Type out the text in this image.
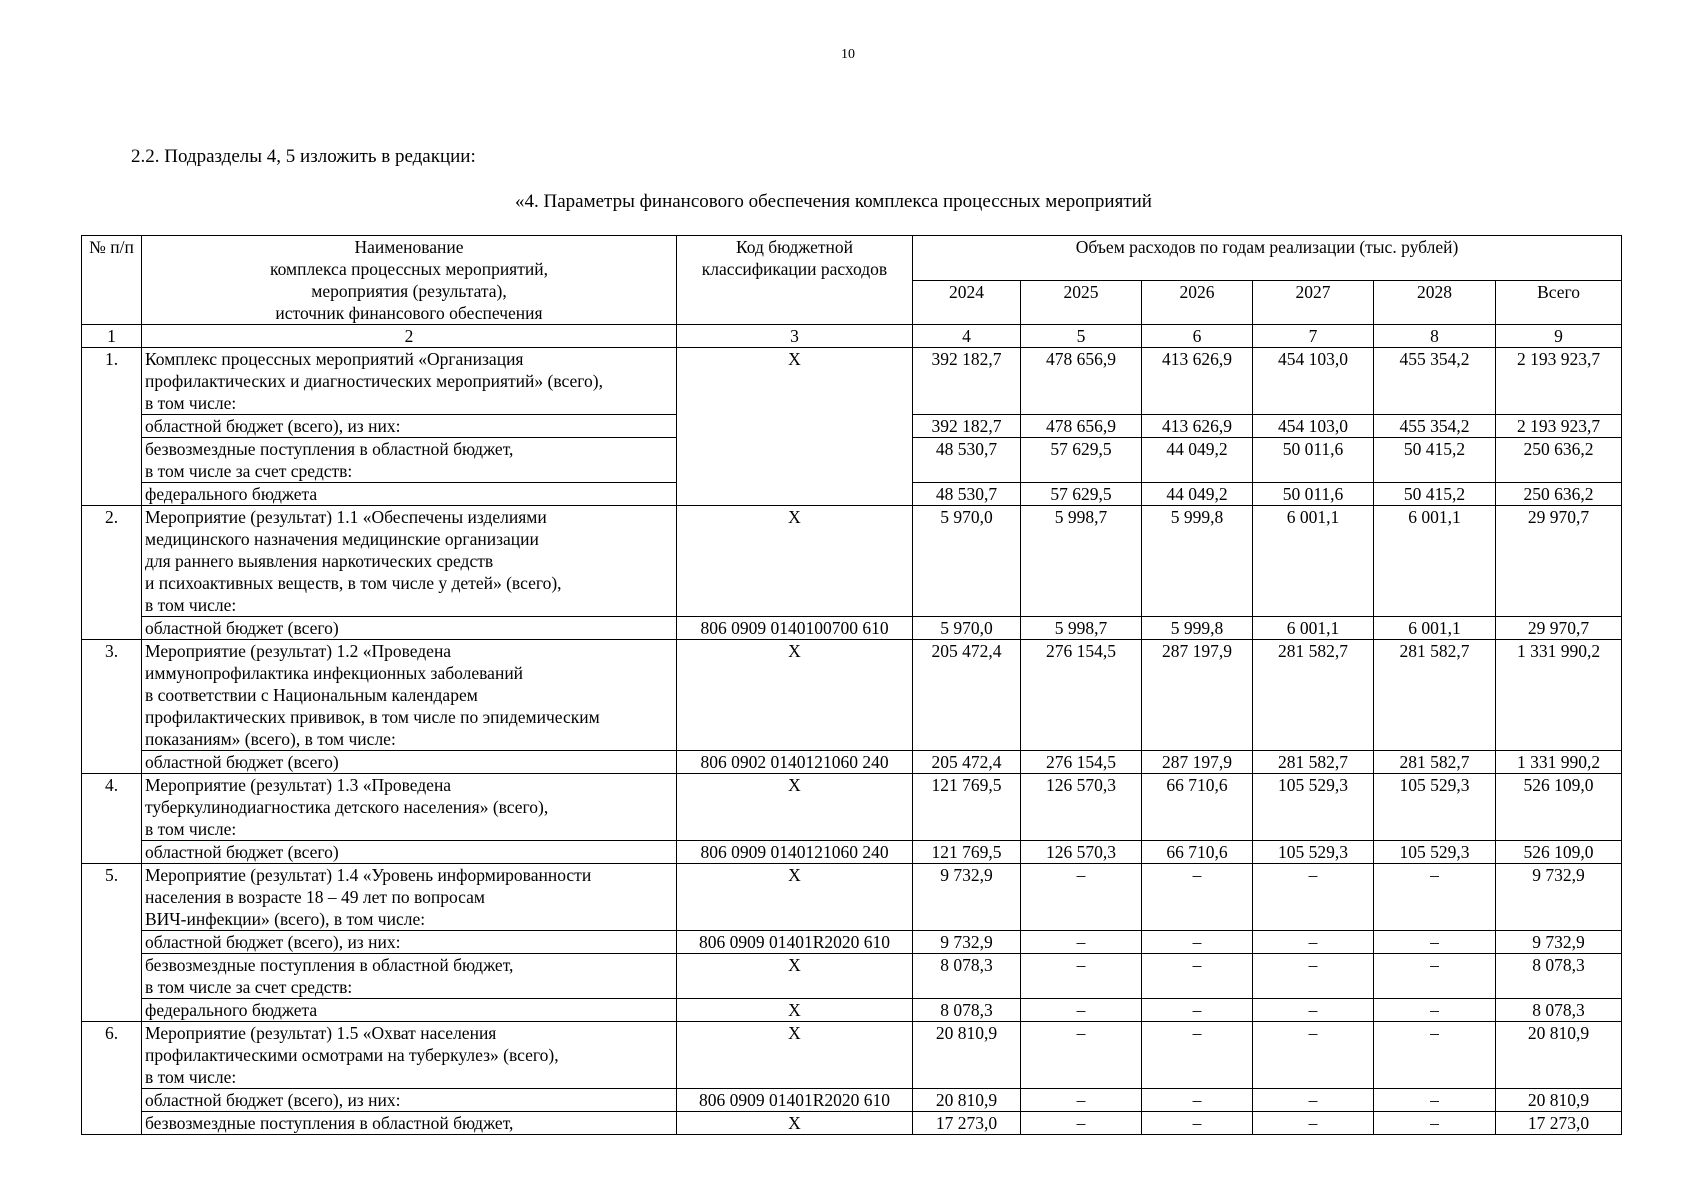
10
2.2. Подразделы 4, 5 изложить в редакции:
«4. Параметры финансового обеспечения комплекса процессных мероприятий
№ п/п	Наименование
комплекса процессных мероприятий,
мероприятия (результата),
источник финансового обеспечения	Код бюджетной
классификации расходов	Объем расходов по годам реализации (тыс. рублей)					
			2024	2025	2026	2027	2028	Всего
1	2	3	4	5	6	7	8	9
1.	Комплекс процессных мероприятий «Организация
профилактических и диагностических мероприятий» (всего),
в том числе:	X	392 182,7	478 656,9	413 626,9	454 103,0	455 354,2	2 193 923,7
	областной бюджет (всего), из них:		392 182,7	478 656,9	413 626,9	454 103,0	455 354,2	2 193 923,7
	безвозмездные поступления в областной бюджет,
в том числе за счет средств:		48 530,7	57 629,5	44 049,2	50 011,6	50 415,2	250 636,2
	федерального бюджета		48 530,7	57 629,5	44 049,2	50 011,6	50 415,2	250 636,2
2.	Мероприятие (результат) 1.1 «Обеспечены изделиями
медицинского назначения медицинские организации
для раннего выявления наркотических средств
и психоактивных веществ, в том числе у детей» (всего),
в том числе:	X	5 970,0	5 998,7	5 999,8	6 001,1	6 001,1	29 970,7
	областной бюджет (всего)	806 0909 0140100700 610	5 970,0	5 998,7	5 999,8	6 001,1	6 001,1	29 970,7
3.	Мероприятие (результат) 1.2 «Проведена
иммунопрофилактика инфекционных заболеваний
в соответствии с Национальным календарем
профилактических прививок, в том числе по эпидемическим
показаниям» (всего), в том числе:	X	205 472,4	276 154,5	287 197,9	281 582,7	281 582,7	1 331 990,2
	областной бюджет (всего)	806 0902 0140121060 240	205 472,4	276 154,5	287 197,9	281 582,7	281 582,7	1 331 990,2
4.	Мероприятие (результат) 1.3 «Проведена
туберкулинодиагностика детского населения» (всего),
в том числе:	X	121 769,5	126 570,3	66 710,6	105 529,3	105 529,3	526 109,0
	областной бюджет (всего)	806 0909 0140121060 240	121 769,5	126 570,3	66 710,6	105 529,3	105 529,3	526 109,0
5.	Мероприятие (результат) 1.4 «Уровень информированности
населения в возрасте 18 – 49 лет по вопросам
ВИЧ-инфекции» (всего), в том числе:	X	9 732,9	–	–	–	–	9 732,9
	областной бюджет (всего), из них:	806 0909 01401R2020 610	9 732,9	–	–	–	–	9 732,9
	безвозмездные поступления в областной бюджет,
в том числе за счет средств:	X	8 078,3	–	–	–	–	8 078,3
	федерального бюджета	X	8 078,3	–	–	–	–	8 078,3
6.	Мероприятие (результат) 1.5 «Охват населения
профилактическими осмотрами на туберкулез» (всего),
в том числе:	X	20 810,9	–	–	–	–	20 810,9
	областной бюджет (всего), из них:	806 0909 01401R2020 610	20 810,9	–	–	–	–	20 810,9
	безвозмездные поступления в областной бюджет,	X	17 273,0	–	–	–	–	17 273,0
